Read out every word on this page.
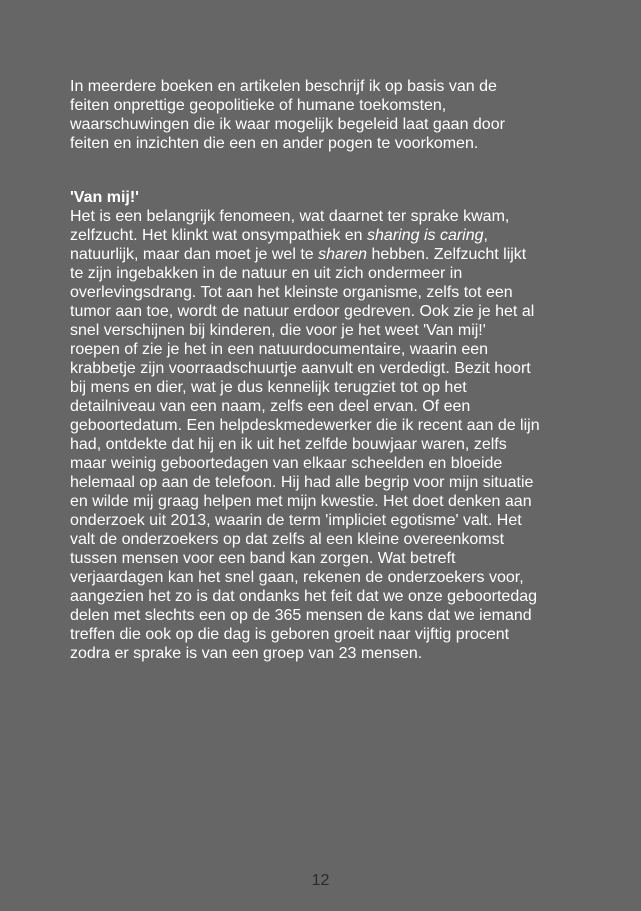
In meerdere boeken en artikelen beschrijf ik op basis van de
feiten onprettige geopolitieke of humane toekomsten,
waarschuwingen die ik waar mogelijk begeleid laat gaan door
feiten en inzichten die een en ander pogen te voorkomen.
'Van mij!'
Het is een belangrijk fenomeen, wat daarnet ter sprake kwam,
zelfzucht. Het klinkt wat onsympathiek en sharing is caring,
natuurlijk, maar dan moet je wel te sharen hebben. Zelfzucht lijkt
te zijn ingebakken in de natuur en uit zich ondermeer in
overlevingsdrang. Tot aan het kleinste organisme, zelfs tot een
tumor aan toe, wordt de natuur erdoor gedreven. Ook zie je het al
snel verschijnen bij kinderen, die voor je het weet 'Van mij!'
roepen of zie je het in een natuurdocumentaire, waarin een
krabbetje zijn voorraadschuurtje aanvult en verdedigt. Bezit hoort
bij mens en dier, wat je dus kennelijk terugziet tot op het
detailniveau van een naam, zelfs een deel ervan. Of een
geboortedatum. Een helpdeskmedewerker die ik recent aan de lijn
had, ontdekte dat hij en ik uit het zelfde bouwjaar waren, zelfs
maar weinig geboortedagen van elkaar scheelden en bloeide
helemaal op aan de telefoon. Hij had alle begrip voor mijn situatie
en wilde mij graag helpen met mijn kwestie. Het doet denken aan
onderzoek uit 2013, waarin de term 'impliciet egotisme' valt. Het
valt de onderzoekers op dat zelfs al een kleine overeenkomst
tussen mensen voor een band kan zorgen. Wat betreft
verjaardagen kan het snel gaan, rekenen de onderzoekers voor,
aangezien het zo is dat ondanks het feit dat we onze geboortedag
delen met slechts een op de 365 mensen de kans dat we iemand
treffen die ook op die dag is geboren groeit naar vijftig procent
zodra er sprake is van een groep van 23 mensen.
12
